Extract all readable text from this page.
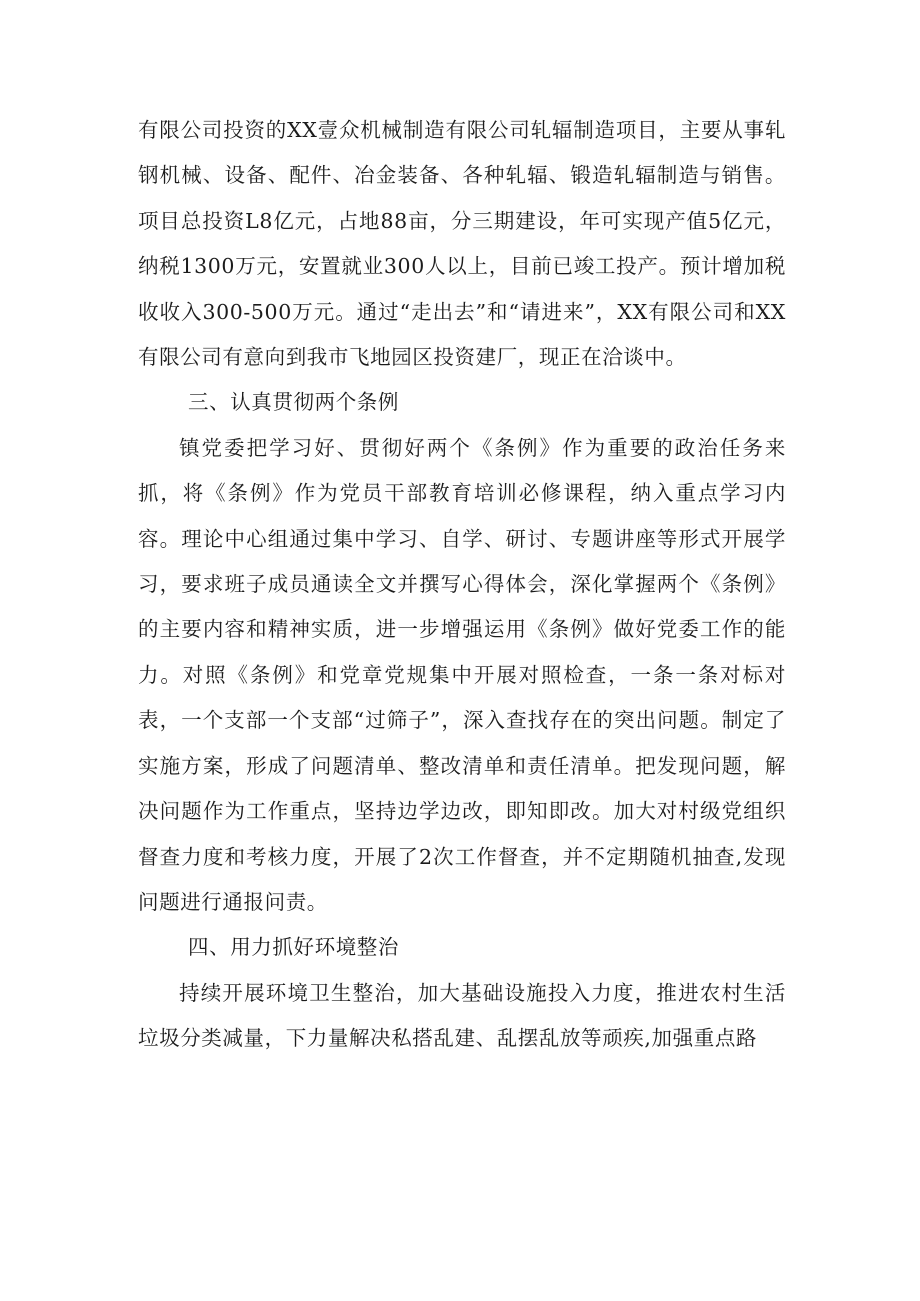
有限公司投资的XX壹众机械制造有限公司轧辐制造项目，主要从事轧钢机械、设备、配件、冶金装备、各种轧辐、锻造轧辐制造与销售。项目总投资L8亿元，占地88亩，分三期建设，年可实现产值5亿元，纳税1300万元，安置就业300人以上，目前已竣工投产。预计增加税收收入300-500万元。通过“走出去”和“请进来”，XX有限公司和XX有限公司有意向到我市飞地园区投资建厂，现正在洽谈中。

三、认真贯彻两个条例

镇党委把学习好、贯彻好两个《条例》作为重要的政治任务来抓，将《条例》作为党员干部教育培训必修课程，纳入重点学习内容。理论中心组通过集中学习、自学、研讨、专题讲座等形式开展学习，要求班子成员通读全文并撰写心得体会，深化掌握两个《条例》的主要内容和精神实质，进一步增强运用《条例》做好党委工作的能力。对照《条例》和党章党规集中开展对照检查，一条一条对标对表，一个支部一个支部“过筛子”，深入查找存在的突出问题。制定了实施方案，形成了问题清单、整改清单和责任清单。把发现问题，解决问题作为工作重点，坚持边学边改，即知即改。加大对村级党组织督查力度和考核力度，开展了2次工作督查，并不定期随机抽查,发现问题进行通报问责。

四、用力抓好环境整治

持续开展环境卫生整治，加大基础设施投入力度，推进农村生活垃圾分类减量，下力量解决私搭乱建、乱摆乱放等顽疾,加强重点路
